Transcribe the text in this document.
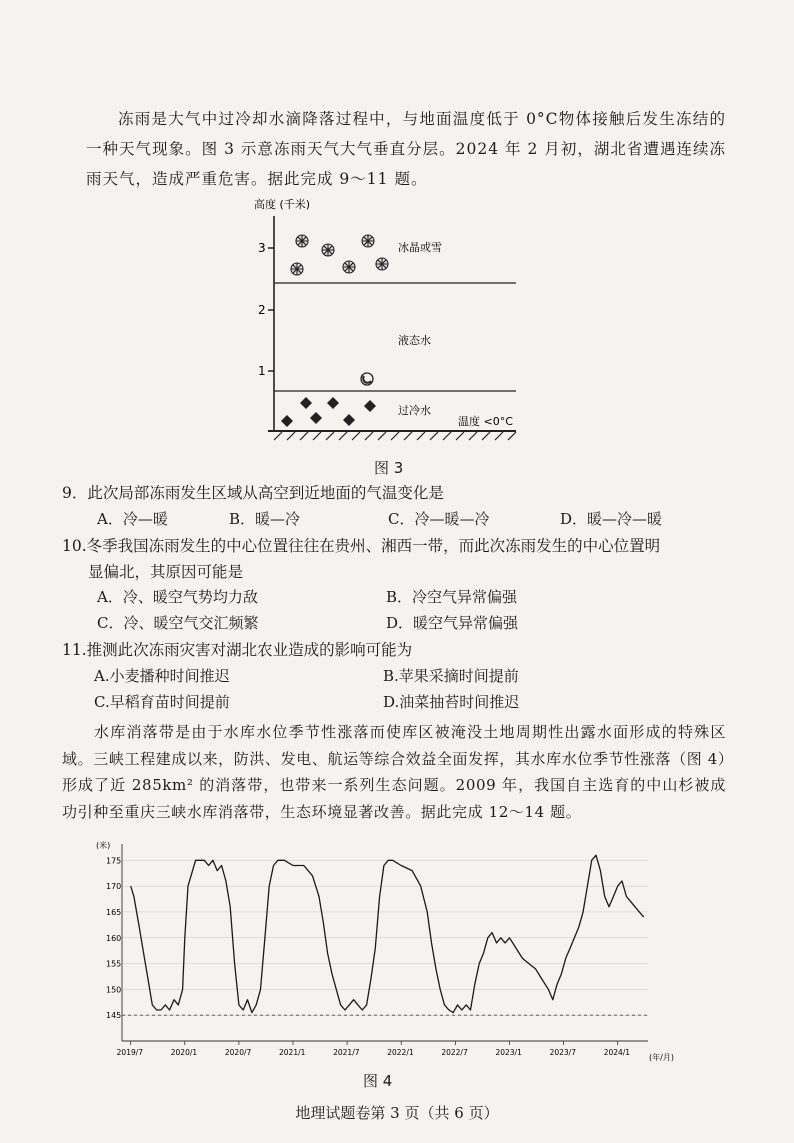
冻雨是大气中过冷却水滴降落过程中，与地面温度低于 0°C物体接触后发生冻结的一种天气现象。图 3 示意冻雨天气大气垂直分层。2024 年 2 月初，湖北省遭遇连续冻雨天气，造成严重危害。据此完成 9～11 题。

高度 (千米)
3
2
1
冰晶或雪
液态水
过冷水
温度 <0°C
图 3
9．此次局部冻雨发生区域从高空到近地面的气温变化是
A．冷—暖	B．暖—冷	C．冷—暖—冷	D．暖—冷—暖
10.冬季我国冻雨发生的中心位置往往在贵州、湘西一带，而此次冻雨发生的中心位置明
显偏北，其原因可能是
A．冷、暖空气势均力敌	B．冷空气异常偏强
C．冷、暖空气交汇频繁	D．暖空气异常偏强
11.推测此次冻雨灾害对湖北农业造成的影响可能为
A.小麦播种时间推迟	B.苹果采摘时间提前
C.早稻育苗时间提前	D.油菜抽苔时间推迟

水库消落带是由于水库水位季节性涨落而使库区被淹没土地周期性出露水面形成的特殊区域。三峡工程建成以来，防洪、发电、航运等综合效益全面发挥，其水库水位季节性涨落（图 4）形成了近 285km² 的消落带，也带来一系列生态问题。2009 年，我国自主选育的中山杉被成功引种至重庆三峡水库消落带，生态环境显著改善。据此完成 12～14 题。

175
170
165
160
155
150
145
2019/7	2020/1	2020/7	2021/1	2021/7	2022/1	2022/7	2023/1	2023/7	2024/1
(米)
(年/月)
图 4
地理试题卷第 3 页（共 6 页）
